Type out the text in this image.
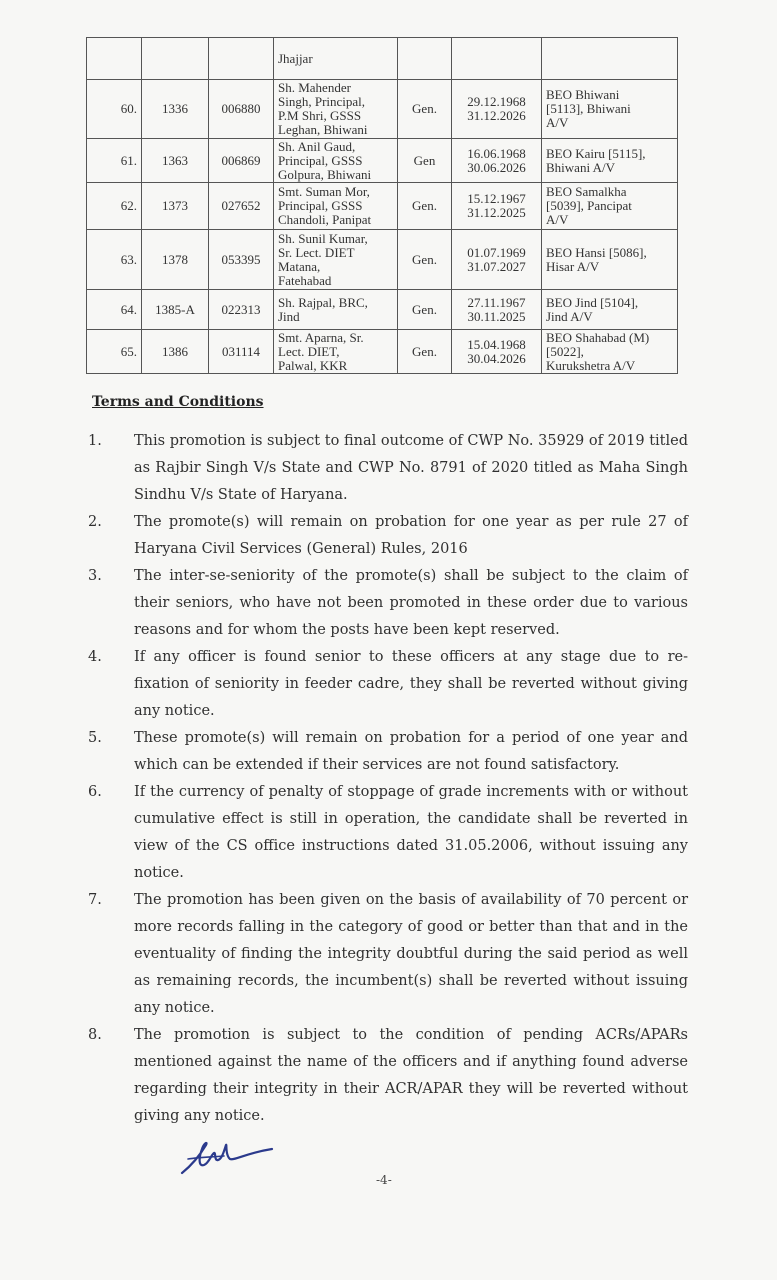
			Jhajjar			

60.	1336	006880	Sh. Mahender
Singh, Principal,
P.M Shri, GSSS
Leghan, Bhiwani	Gen.	29.12.1968
31.12.2026	BEO Bhiwani
[5113], Bhiwani
A/V

61.	1363	006869	Sh. Anil Gaud,
Principal, GSSS
Golpura, Bhiwani	Gen	16.06.1968
30.06.2026	BEO Kairu [5115],
Bhiwani A/V

62.	1373	027652	Smt. Suman Mor,
Principal, GSSS
Chandoli, Panipat	Gen.	15.12.1967
31.12.2025	BEO Samalkha
[5039], Pancipat
A/V

63.	1378	053395	Sh. Sunil Kumar,
Sr. Lect. DIET
Matana,
Fatehabad	Gen.	01.07.1969
31.07.2027	BEO Hansi [5086],
Hisar A/V

64.	1385-A	022313	Sh. Rajpal, BRC,
Jind	Gen.	27.11.1967
30.11.2025	BEO Jind [5104],
Jind A/V

65.	1386	031114	Smt. Aparna, Sr.
Lect. DIET,
Palwal, KKR	Gen.	15.04.1968
30.04.2026	BEO Shahabad (M)
[5022],
Kurukshetra A/V
Terms and Conditions
1. This promotion is subject to final outcome of CWP No. 35929 of 2019 titled as Rajbir Singh V/s State and CWP No. 8791 of 2020 titled as Maha Singh Sindhu V/s State of Haryana.
2. The promote(s) will remain on probation for one year as per rule 27 of Haryana Civil Services (General) Rules, 2016
3. The inter-se-seniority of the promote(s) shall be subject to the claim of their seniors, who have not been promoted in these order due to various reasons and for whom the posts have been kept reserved.
4. If any officer is found senior to these officers at any stage due to re-fixation of seniority in feeder cadre, they shall be reverted without giving any notice.
5. These promote(s) will remain on probation for a period of one year and which can be extended if their services are not found satisfactory.
6. If the currency of penalty of stoppage of grade increments with or without cumulative effect is still in operation, the candidate shall be reverted in view of the CS office instructions dated 31.05.2006, without issuing any notice.
7. The promotion has been given on the basis of availability of 70 percent or more records falling in the category of good or better than that and in the eventuality of finding the integrity doubtful during the said period as well as remaining records, the incumbent(s) shall be reverted without issuing any notice.
8. The promotion is subject to the condition of pending ACRs/APARs mentioned against the name of the officers and if anything found adverse regarding their integrity in their ACR/APAR they will be reverted without giving any notice.
-4-
